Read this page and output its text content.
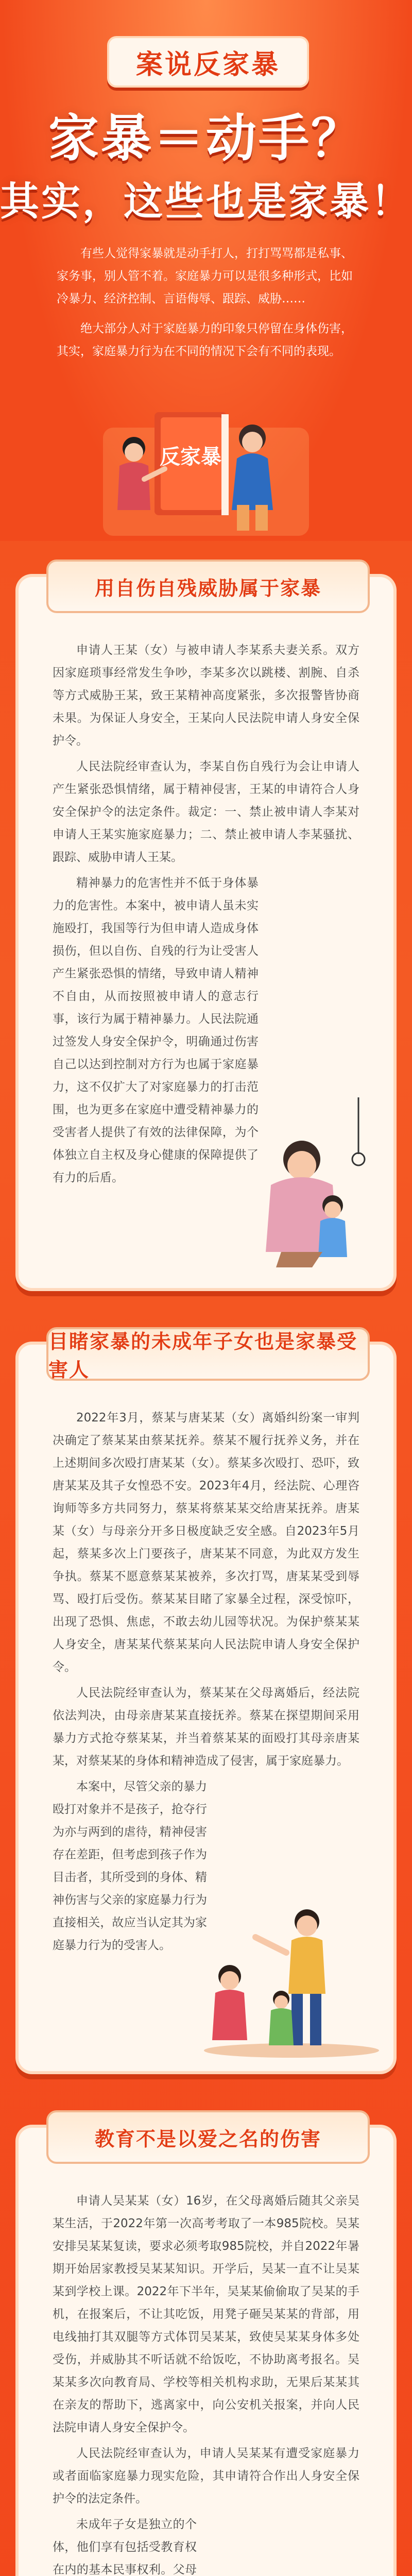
案说反家暴
家暴＝动手？
其实，这些也是家暴！

有些人觉得家暴就是动手打人，打打骂骂都是私事、家务事，别人管不着。家庭暴力可以是很多种形式，比如冷暴力、经济控制、言语侮辱、跟踪、威胁……

绝大部分人对于家庭暴力的印象只停留在身体伤害，其实，家庭暴力行为在不同的情况下会有不同的表现。

反家暴
用自伤自残威胁属于家暴

申请人王某（女）与被申请人李某系夫妻关系。双方因家庭琐事经常发生争吵，李某多次以跳楼、割腕、自杀等方式威胁王某，致王某精神高度紧张，多次报警皆协商未果。为保证人身安全，王某向人民法院申请人身安全保护令。

人民法院经审查认为，李某自伤自残行为会让申请人产生紧张恐惧情绪，属于精神侵害，王某的申请符合人身安全保护令的法定条件。裁定：一、禁止被申请人李某对申请人王某实施家庭暴力；二、禁止被申请人李某骚扰、跟踪、威胁申请人王某。

精神暴力的危害性并不低于身体暴力的危害性。本案中，被申请人虽未实施殴打，我国等行为但申请人造成身体损伤，但以自伤、自残的行为让受害人产生紧张恐惧的情绪，导致申请人精神不自由，从而按照被申请人的意志行事，该行为属于精神暴力。人民法院通过签发人身安全保护令，明确通过伤害自己以达到控制对方行为也属于家庭暴力，这不仅扩大了对家庭暴力的打击范围，也为更多在家庭中遭受精神暴力的受害者人提供了有效的法律保障，为个体独立自主权及身心健康的保障提供了有力的后盾。

目睹家暴的未成年子女也是家暴受害人

2022年3月，蔡某与唐某某（女）离婚纠纷案一审判决确定了蔡某某由蔡某抚养。蔡某不履行抚养义务，并在上述期间多次殴打唐某某（女）。蔡某多次殴打、恐吓，致唐某某及其子女惶恐不安。2023年4月，经法院、心理咨询师等多方共同努力，蔡某将蔡某某交给唐某抚养。唐某某（女）与母亲分开多日极度缺乏安全感。自2023年5月起，蔡某多次上门要孩子，唐某某不同意，为此双方发生争执。蔡某不愿意蔡某某被养，多次打骂，唐某某受到辱骂、殴打后受伤。蔡某某目睹了家暴全过程，深受惊吓，出现了恐惧、焦虑，不敢去幼儿园等状况。为保护蔡某某人身安全，唐某某代蔡某某向人民法院申请人身安全保护令。

人民法院经审查认为，蔡某某在父母离婚后，经法院依法判决，由母亲唐某某直接抚养。蔡某在探望期间采用暴力方式抢夺蔡某某，并当着蔡某某的面殴打其母亲唐某某，对蔡某某的身体和精神造成了侵害，属于家庭暴力。

本案中，尽管父亲的暴力殴打对象并不是孩子，抢夺行为亦与两到的虐待，精神侵害存在差距，但考虑到孩子作为目击者，其所受到的身体、精神伤害与父亲的家庭暴力行为直接相关，故应当认定其为家庭暴力行为的受害人。

教育不是以爱之名的伤害

申请人吴某某（女）16岁，在父母离婚后随其父亲吴某生活，于2022年第一次高考考取了一本985院校。吴某安排吴某某复读，要求必须考取985院校，并自2022年暑期开始居家教授吴某某知识。开学后，吴某一直不让吴某某到学校上课。2022年下半年，吴某某偷偷取了吴某的手机，在报案后，不让其吃饭，用凳子砸吴某某的背部，用电线抽打其双腿等方式体罚吴某某，致使吴某某身体多处受伤，并威胁其不听话就不给饭吃，不协助离考报名。吴某某多次向教育局、学校等相关机构求助，无果后某某其在亲友的帮助下，逃离家中，向公安机关报案，并向人民法院申请人身安全保护令。

人民法院经审查认为，申请人吴某某有遭受家庭暴力或者面临家庭暴力现实危险，其申请符合作出人身安全保护令的法定条件。

未成年子女是独立的个体，他们享有包括受教育权在内的基本民事权利。父母
